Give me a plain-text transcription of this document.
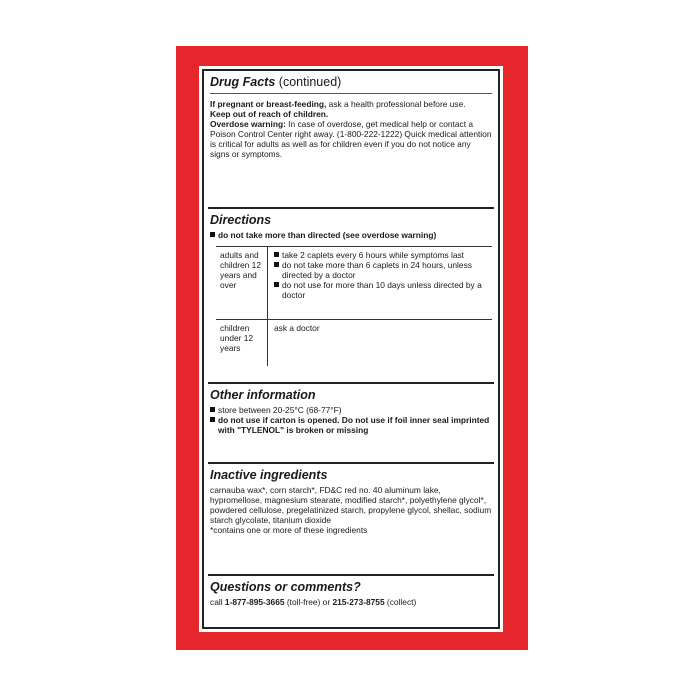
Drug Facts (continued)

If pregnant or breast-feeding, ask a health professional before use.

Keep out of reach of children.

Overdose warning: In case of overdose, get medical help or contact a Poison Control Center right away. (1-800-222-1222) Quick medical attention is critical for adults as well as for children even if you do not notice any signs or symptoms.

Directions
do not take more than directed (see overdose warning)
adults and children 12 years and over
take 2 caplets every 6 hours while symptoms last
do not take more than 6 caplets in 24 hours, unless directed by a doctor
do not use for more than 10 days unless directed by a doctor
children under 12 years
ask a doctor
Other information
store between 20-25°C (68-77°F)
do not use if carton is opened. Do not use if foil inner seal imprinted with "TYLENOL" is broken or missing
Inactive ingredients

carnauba wax*, corn starch*, FD&C red no. 40 aluminum lake, hypromellose, magnesium stearate, modified starch*, polyethylene glycol*, powdered cellulose, pregelatinized starch, propylene glycol, shellac, sodium starch glycolate, titanium dioxide

*contains one or more of these ingredients

Questions or comments?

call 1-877-895-3665 (toll-free) or 215-273-8755 (collect)
